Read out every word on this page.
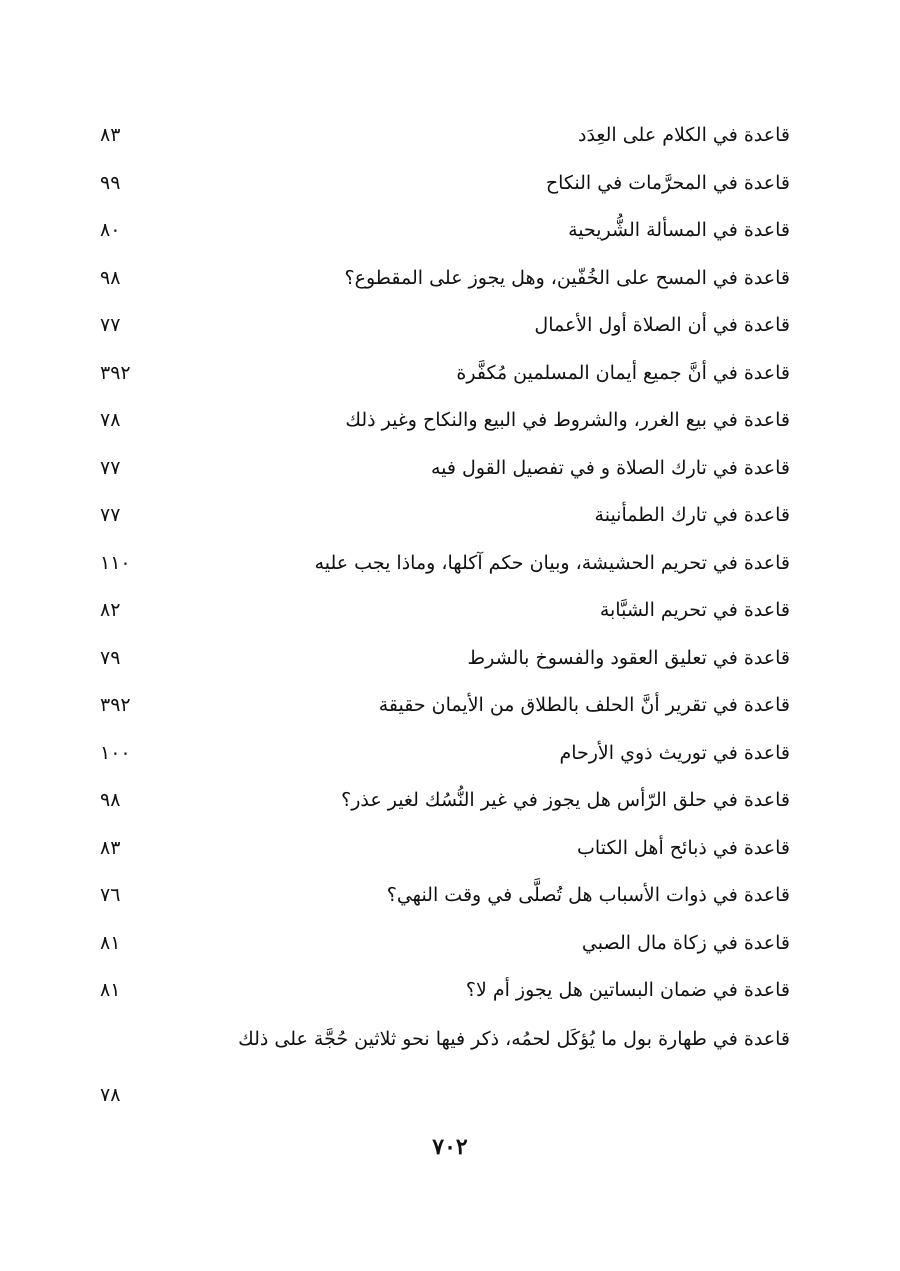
قاعدة في الكلام على العِدَد
٨٣
قاعدة في المحرَّمات في النكاح
٩٩
قاعدة في المسألة الشُّريحية
٨٠
قاعدة في المسح على الخُفّين، وهل يجوز على المقطوع؟
٩٨
قاعدة في أن الصلاة أول الأعمال
٧٧
قاعدة في أنَّ جميع أيمان المسلمين مُكفَّرة
٣٩٢
قاعدة في بيع الغرر، والشروط في البيع والنكاح وغير ذلك
٧٨
قاعدة في تارك الصلاة و في تفصيل القول فيه
٧٧
قاعدة في تارك الطمأنينة
٧٧
قاعدة في تحريم الحشيشة، وبيان حكم آكلها، وماذا يجب عليه
١١٠
قاعدة في تحريم الشبَّابة
٨٢
قاعدة في تعليق العقود والفسوخ بالشرط
٧٩
قاعدة في تقرير أنَّ الحلف بالطلاق من الأيمان حقيقة
٣٩٢
قاعدة في توريث ذوي الأرحام
١٠٠
قاعدة في حلق الرّأس هل يجوز في غير النُّسُك لغير عذر؟
٩٨
قاعدة في ذبائح أهل الكتاب
٨٣
قاعدة في ذوات الأسباب هل تُصلَّى في وقت النهي؟
٧٦
قاعدة في زكاة مال الصبي
٨١
قاعدة في ضمان البساتين هل يجوز أم لا؟
٨١
قاعدة في طهارة بول ما يُؤكَل لحمُه، ذكر فيها نحو ثلاثين حُجَّة على ذلك
٧٨
٧٠٢
